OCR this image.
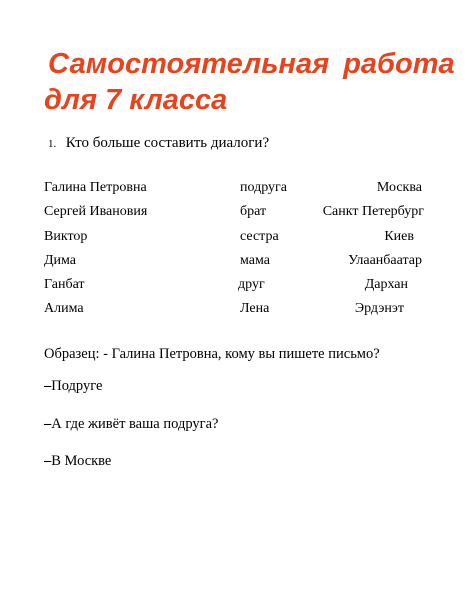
Самостоятельная работа
для 7 класса
1. Кто больше составить диалоги?
Галина Петровна	подруга	Москва
Сергей Ивановия	брат	Санкт Петербург
Виктор	сестра	Киев
Дима	мама	Улаанбаатар
Ганбат	друг	Дархан
Алима	Лена	Эрдэнэт
Образец: - Галина Петровна, кому вы пишете письмо?
–Подруге
–А где живёт ваша подруга?
–В Москве
